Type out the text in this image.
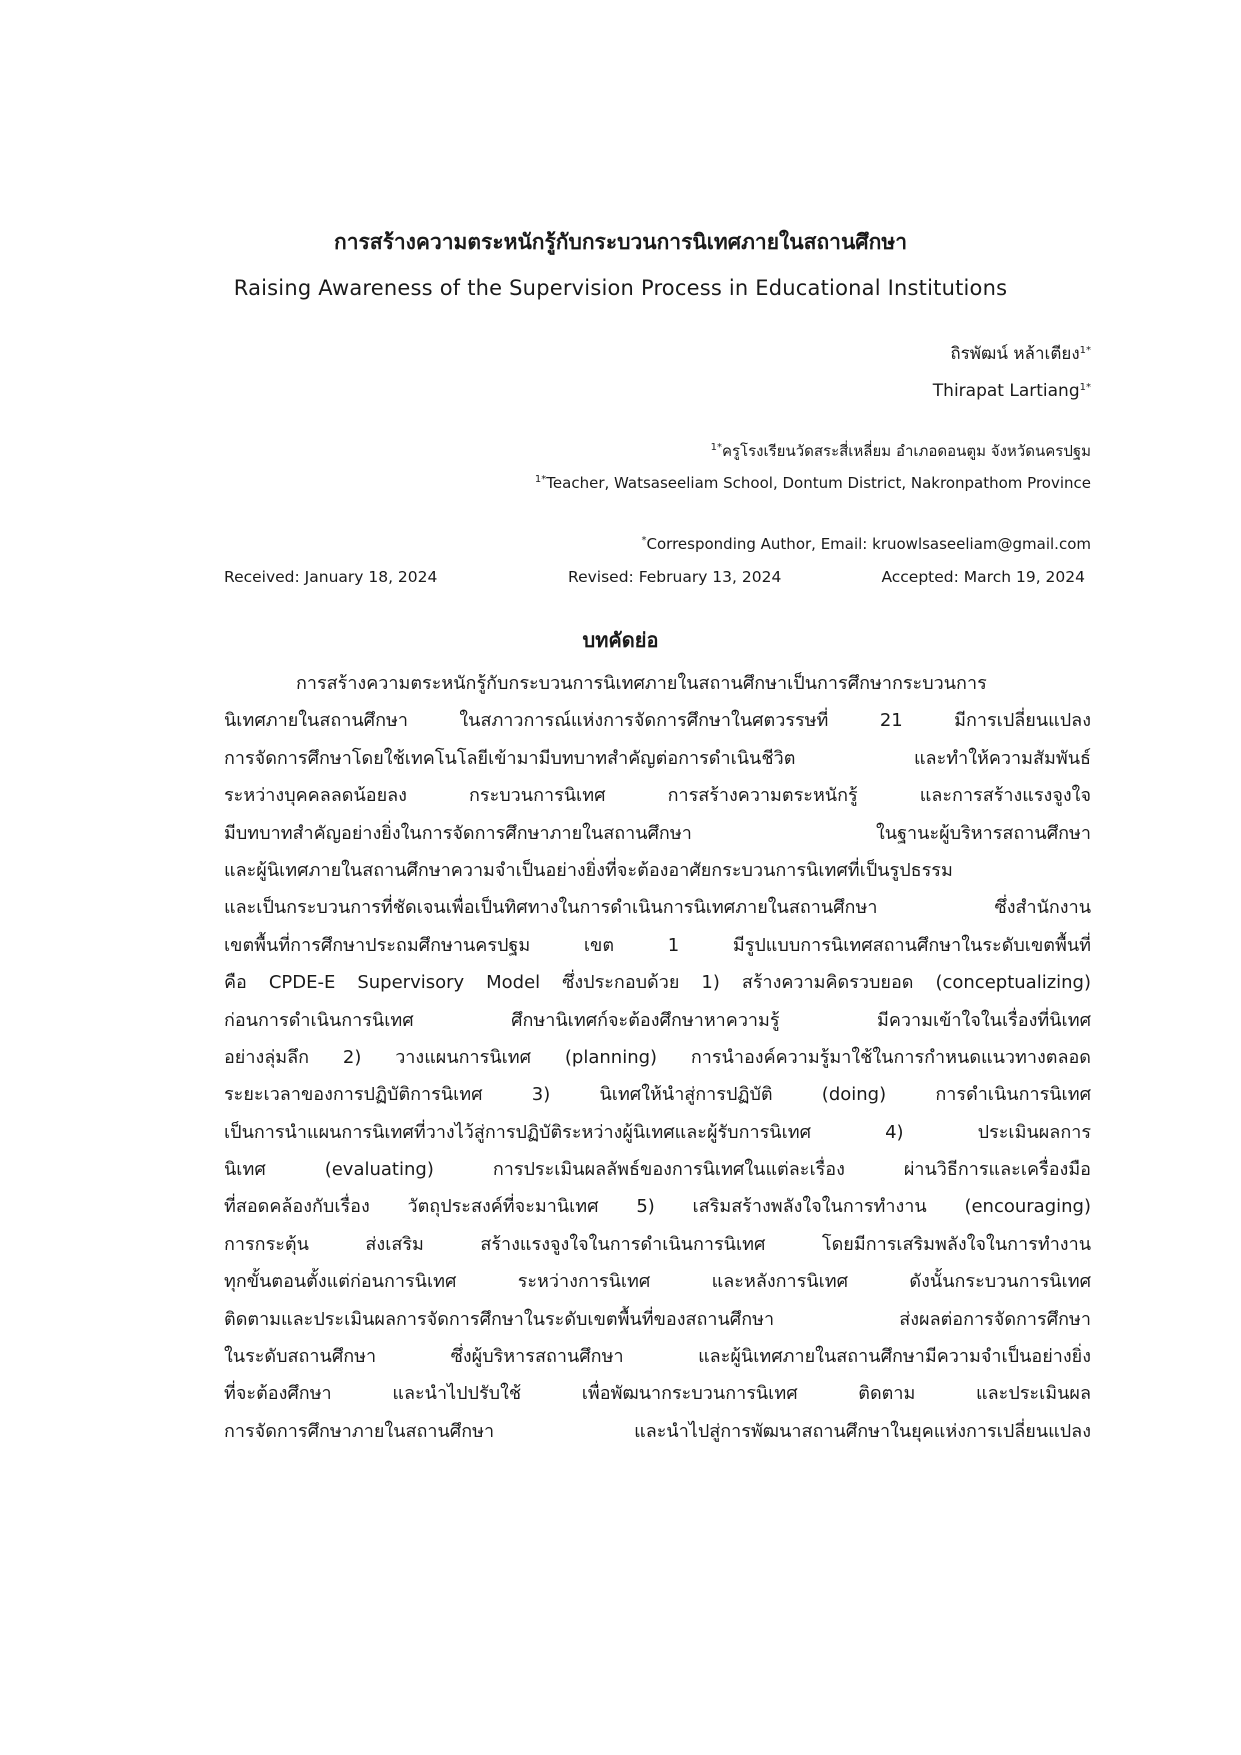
การสร้างความตระหนักรู้กับกระบวนการนิเทศภายในสถานศึกษา
Raising Awareness of the Supervision Process in Educational Institutions
ถิรพัฒน์ หล้าเตียง$^{1*}$
Thirapat Lartiang$^{1*}$
$^{1*}$ครูโรงเรียนวัดสระสี่เหลี่ยม อำเภอดอนตูม จังหวัดนครปฐม
$^{1*}$Teacher, Watsaseeliam School, Dontum District, Nakronpathom Province
*Corresponding Author, Email: kruowlsaseeliam@gmail.com
Received: January 18, 2024	Revised: February 13, 2024	Accepted: March 19, 2024
บทคัดย่อ
การสร้างความตระหนักรู้กับกระบวนการนิเทศภายในสถานศึกษาเป็นการศึกษากระบวนการ
นิเทศภายในสถานศึกษา ในสภาวการณ์แห่งการจัดการศึกษาในศตวรรษที่ 21 มีการเปลี่ยนแปลง
การจัดการศึกษาโดยใช้เทคโนโลยีเข้ามามีบทบาทสำคัญต่อการดำเนินชีวิต และทำให้ความสัมพันธ์
ระหว่างบุคคลลดน้อยลง กระบวนการนิเทศ การสร้างความตระหนักรู้ และการสร้างแรงจูงใจ
มีบทบาทสำคัญอย่างยิ่งในการจัดการศึกษาภายในสถานศึกษา ในฐานะผู้บริหารสถานศึกษา
และผู้นิเทศภายในสถานศึกษาความจำเป็นอย่างยิ่งที่จะต้องอาศัยกระบวนการนิเทศที่เป็นรูปธรรม
และเป็นกระบวนการที่ชัดเจนเพื่อเป็นทิศทางในการดำเนินการนิเทศภายในสถานศึกษา ซึ่งสำนักงาน
เขตพื้นที่การศึกษาประถมศึกษานครปฐม เขต 1 มีรูปแบบการนิเทศสถานศึกษาในระดับเขตพื้นที่
คือ CPDE-E Supervisory Model ซึ่งประกอบด้วย 1) สร้างความคิดรวบยอด (conceptualizing)
ก่อนการดำเนินการนิเทศ ศึกษานิเทศก์จะต้องศึกษาหาความรู้ มีความเข้าใจในเรื่องที่นิเทศ
อย่างลุ่มลึก 2) วางแผนการนิเทศ (planning) การนำองค์ความรู้มาใช้ในการกำหนดแนวทางตลอด
ระยะเวลาของการปฏิบัติการนิเทศ 3) นิเทศให้นำสู่การปฏิบัติ (doing) การดำเนินการนิเทศ
เป็นการนำแผนการนิเทศที่วางไว้สู่การปฏิบัติระหว่างผู้นิเทศและผู้รับการนิเทศ 4) ประเมินผลการ
นิเทศ (evaluating) การประเมินผลลัพธ์ของการนิเทศในแต่ละเรื่อง ผ่านวิธีการและเครื่องมือ
ที่สอดคล้องกับเรื่อง วัตถุประสงค์ที่จะมานิเทศ 5) เสริมสร้างพลังใจในการทำงาน (encouraging)
การกระตุ้น ส่งเสริม สร้างแรงจูงใจในการดำเนินการนิเทศ โดยมีการเสริมพลังใจในการทำงาน
ทุกขั้นตอนตั้งแต่ก่อนการนิเทศ ระหว่างการนิเทศ และหลังการนิเทศ ดังนั้นกระบวนการนิเทศ
ติดตามและประเมินผลการจัดการศึกษาในระดับเขตพื้นที่ของสถานศึกษา ส่งผลต่อการจัดการศึกษา
ในระดับสถานศึกษา ซึ่งผู้บริหารสถานศึกษา และผู้นิเทศภายในสถานศึกษามีความจำเป็นอย่างยิ่ง
ที่จะต้องศึกษา และนำไปปรับใช้ เพื่อพัฒนากระบวนการนิเทศ ติดตาม และประเมินผล
การจัดการศึกษาภายในสถานศึกษา และนำไปสู่การพัฒนาสถานศึกษาในยุคแห่งการเปลี่ยนแปลง
